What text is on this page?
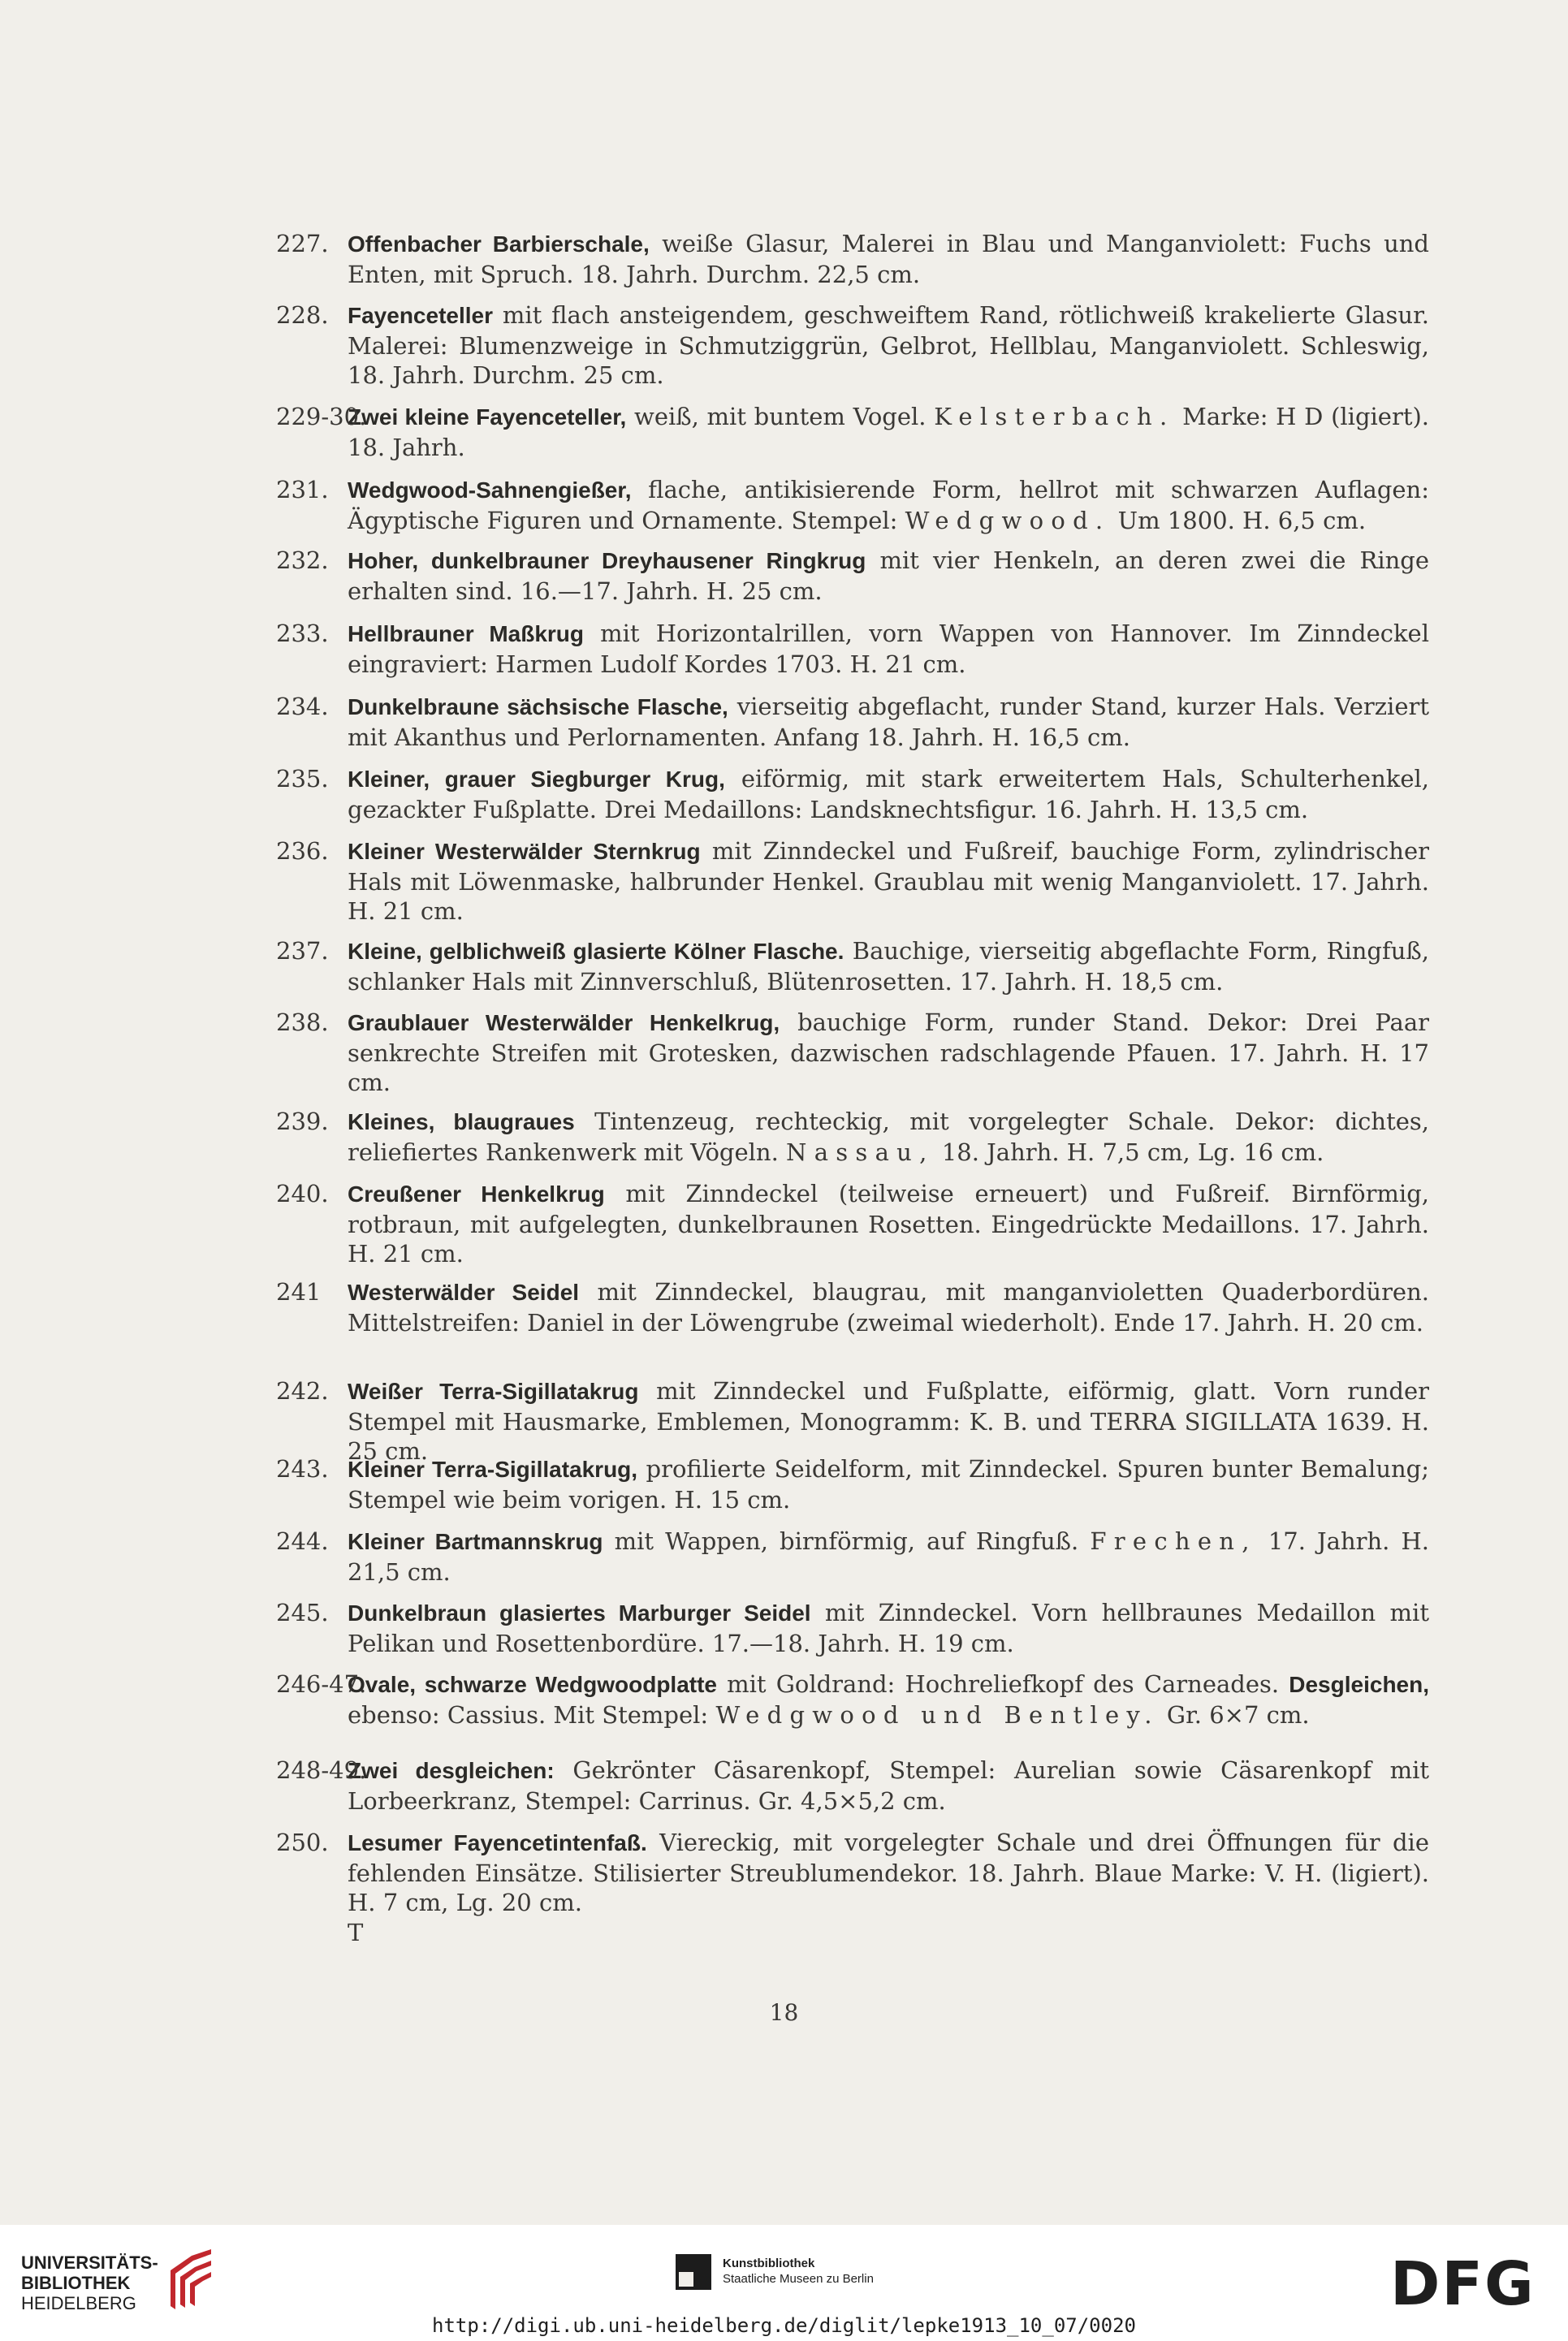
227. Offenbacher Barbierschale, weiße Glasur, Malerei in Blau und Manganviolett: Fuchs und Enten, mit Spruch. 18. Jahrh. Durchm. 22,5 cm.
228. Fayenceteller mit flach ansteigendem, geschweiftem Rand, rötlichweiß krakelierte Glasur. Malerei: Blumenzweige in Schmutziggrün, Gelbrot, Hellblau, Manganviolett. Schleswig, 18. Jahrh. Durchm. 25 cm.
229-30.
Zwei kleine Fayenceteller, weiß, mit buntem Vogel. Kelsterbach. Marke: H D (ligiert). 18. Jahrh.
231. Wedgwood-Sahnengießer, flache, antikisierende Form, hellrot mit schwarzen Auflagen: Ägyptische Figuren und Ornamente. Stempel: Wedgwood. Um 1800. H. 6,5 cm.
232. Hoher, dunkelbrauner Dreyhausener Ringkrug mit vier Henkeln, an deren zwei die Ringe erhalten sind. 16.—17. Jahrh. H. 25 cm.
233. Hellbrauner Maßkrug mit Horizontalrillen, vorn Wappen von Hannover. Im Zinndeckel eingraviert: Harmen Ludolf Kordes 1703. H. 21 cm.
234. Dunkelbraune sächsische Flasche, vierseitig abgeflacht, runder Stand, kurzer Hals. Verziert mit Akanthus und Perlornamenten. Anfang 18. Jahrh. H. 16,5 cm.
235. Kleiner, grauer Siegburger Krug, eiförmig, mit stark erweitertem Hals, Schulterhenkel, gezackter Fußplatte. Drei Medaillons: Landsknechtsfigur. 16. Jahrh. H. 13,5 cm.
236. Kleiner Westerwälder Sternkrug mit Zinndeckel und Fußreif, bauchige Form, zylindrischer Hals mit Löwenmaske, halbrunder Henkel. Graublau mit wenig Manganviolett. 17. Jahrh. H. 21 cm.
237. Kleine, gelblichweiß glasierte Kölner Flasche. Bauchige, vierseitig abgeflachte Form, Ringfuß, schlanker Hals mit Zinnverschluß, Blütenrosetten. 17. Jahrh. H. 18,5 cm.
238. Graublauer Westerwälder Henkelkrug, bauchige Form, runder Stand. Dekor: Drei Paar senkrechte Streifen mit Grotesken, dazwischen radschlagende Pfauen. 17. Jahrh. H. 17 cm.
239. Kleines, blaugraues Tintenzeug, rechteckig, mit vorgelegter Schale. Dekor: dichtes, reliefiertes Rankenwerk mit Vögeln. Nassau, 18. Jahrh. H. 7,5 cm, Lg. 16 cm.
240. Creußener Henkelkrug mit Zinndeckel (teilweise erneuert) und Fußreif. Birnförmig, rotbraun, mit aufgelegten, dunkelbraunen Rosetten. Eingedrückte Medaillons. 17. Jahrh. H. 21 cm.
241 Westerwälder Seidel mit Zinndeckel, blaugrau, mit manganvioletten Quaderbordüren. Mittelstreifen: Daniel in der Löwengrube (zweimal wiederholt). Ende 17. Jahrh. H. 20 cm.
242. Weißer Terra-Sigillatakrug mit Zinndeckel und Fußplatte, eiförmig, glatt. Vorn runder Stempel mit Hausmarke, Emblemen, Monogramm: K. B. und TERRA SIGILLATA 1639. H. 25 cm.
243. Kleiner Terra-Sigillatakrug, profilierte Seidelform, mit Zinndeckel. Spuren bunter Bemalung; Stempel wie beim vorigen. H. 15 cm.
244. Kleiner Bartmannskrug mit Wappen, birnförmig, auf Ringfuß. Frechen, 17. Jahrh. H. 21,5 cm.
245. Dunkelbraun glasiertes Marburger Seidel mit Zinndeckel. Vorn hellbraunes Medaillon mit Pelikan und Rosettenbordüre. 17.—18. Jahrh. H. 19 cm.
246-47.
Ovale, schwarze Wedgwoodplatte mit Goldrand: Hochreliefkopf des Carneades. Desgleichen, ebenso: Cassius. Mit Stempel: Wedgwood und Bentley. Gr. 6×7 cm.
248-49.
Zwei desgleichen: Gekrönter Cäsarenkopf, Stempel: Aurelian sowie Cäsarenkopf mit Lorbeerkranz, Stempel: Carrinus. Gr. 4,5×5,2 cm.
250. Lesumer Fayencetintenfaß. Viereckig, mit vorgelegter Schale und drei Öffnungen für die fehlenden Einsätze. Stilisierter Streublumendekor. 18. Jahrh. Blaue Marke: V. H. (ligiert). H. 7 cm, Lg. 20 cm.
T
18
UNIVERSITÄTS-
BIBLIOTHEK
HEIDELBERG
Kunstbibliothek
Staatliche Museen zu Berlin	DFG
http://digi.ub.uni-heidelberg.de/diglit/lepke1913_10_07/0020
